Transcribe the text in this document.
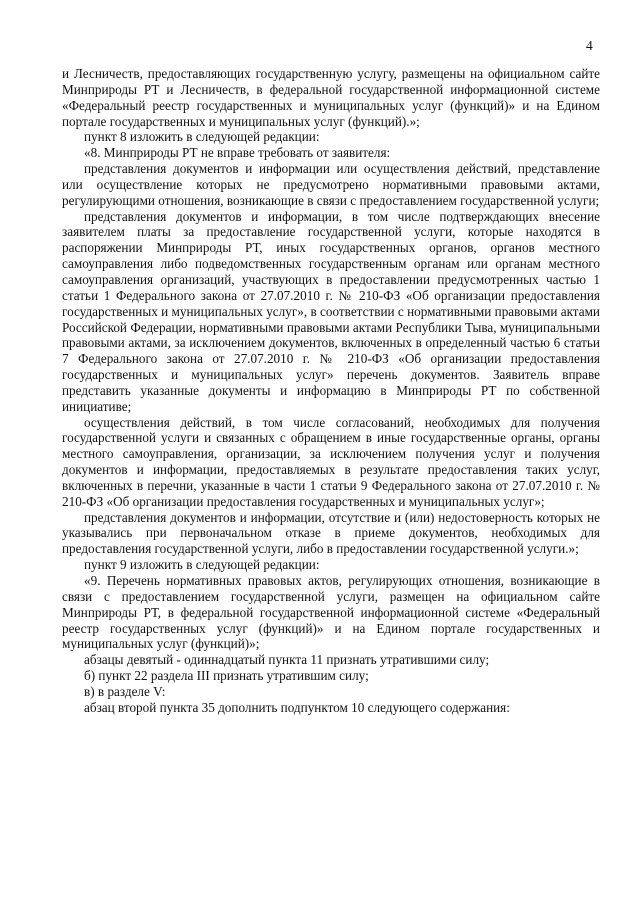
4

и Лесничеств, предоставляющих государственную услугу, размещены на официальном сайте Минприроды РТ и Лесничеств, в федеральной государственной информационной системе «Федеральный реестр государственных и муниципальных услуг (функций)» и на Едином портале государственных и муниципальных услуг (функций).»;

пункт 8 изложить в следующей редакции:

«8. Минприроды РТ не вправе требовать от заявителя:

представления документов и информации или осуществления действий, представление или осуществление которых не предусмотрено нормативными правовыми актами, регулирующими отношения, возникающие в связи с предоставлением государственной услуги;

представления документов и информации, в том числе подтверждающих внесение заявителем платы за предоставление государственной услуги, которые находятся в распоряжении Минприроды РТ, иных государственных органов, органов местного самоуправления либо подведомственных государственным органам или органам местного самоуправления организаций, участвующих в предоставлении предусмотренных частью 1 статьи 1 Федерального закона от 27.07.2010 г. № 210-ФЗ «Об организации предоставления государственных и муниципальных услуг», в соответствии с нормативными правовыми актами Российской Федерации, нормативными правовыми актами Республики Тыва, муниципальными правовыми актами, за исключением документов, включенных в определенный частью 6 статьи 7 Федерального закона от 27.07.2010 г. № 210-ФЗ «Об организации предоставления государственных и муниципальных услуг» перечень документов. Заявитель вправе представить указанные документы и информацию в Минприроды РТ по собственной инициативе;

осуществления действий, в том числе согласований, необходимых для получения государственной услуги и связанных с обращением в иные государственные органы, органы местного самоуправления, организации, за исключением получения услуг и получения документов и информации, предоставляемых в результате предоставления таких услуг, включенных в перечни, указанные в части 1 статьи 9 Федерального закона от 27.07.2010 г. № 210-ФЗ «Об организации предоставления государственных и муниципальных услуг»;

представления документов и информации, отсутствие и (или) недостоверность которых не указывались при первоначальном отказе в приеме документов, необходимых для предоставления государственной услуги, либо в предоставлении государственной услуги.»;

пункт 9 изложить в следующей редакции:

«9. Перечень нормативных правовых актов, регулирующих отношения, возникающие в связи с предоставлением государственной услуги, размещен на официальном сайте Минприроды РТ, в федеральной государственной информационной системе «Федеральный реестр государственных услуг (функций)» и на Едином портале государственных и муниципальных услуг (функций)»;

абзацы девятый - одиннадцатый пункта 11 признать утратившими силу;

б) пункт 22 раздела III признать утратившим силу;

в) в разделе V:

абзац второй пункта 35 дополнить подпунктом 10 следующего содержания:
